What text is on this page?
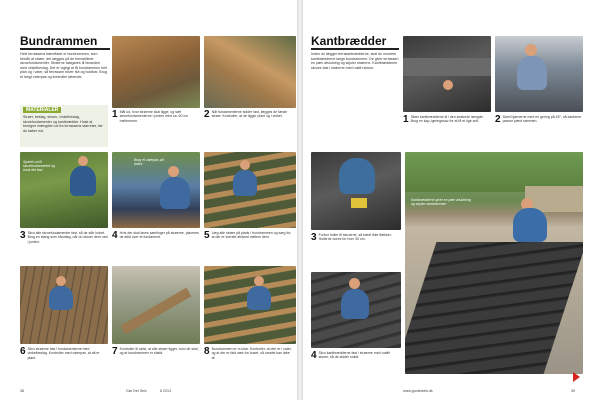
Bundrammen
Hele terrassens bæreflade er bundrammen, som består af strøer, der lægges på de fremstillede skruefundamenter. Strøerne fastgøres til hinanden med vinkelbeslag. Det er vigtigt at få bundrammen helt plan og i vater, så terrassen bliver flot og holdbar. Brug et langt vaterpas og kontroller løbende.
MATERIALER
Strøer, beslag, skruer, vinkelbeslag, skruefundamenter og kantbrædder. Husk at beregne mængden ud fra terrassens størrelse, før du køber ind.
1 Mål ud, hvor strøerne skal ligge, og sæt skruefundamenterne i jorden med ca. 60 cm mellemrum.
2 Når fundamenterne sidder fast, lægges de første strøer. Kontroller, at de ligger plant og i vinkel.
Spartel ud til skruefundamentet og bank det fast
Brug et vaterpas på tværs
3 Skru alle skruefundamenter fast, så de står lodret. Brug en stang som håndtag, når du skruer dem ned i jorden.
4 Hvis der skal laves samlinger på strøerne, placeres de altid over et fundament.	5 Læg alle strøer på plads i bundrammen og sørg for, at der er korrekt afstand mellem dem.
6 Skru strøerne fast i fundamenterne med vinkelbeslag. Kontroller med vaterpas, at alt er plant.
7 Kontroller til sidst, at alle strøer ligger, som de skal, og at bundrammen er stabil.	8 Bundrammen er nu klar. Kontroller, at den er i vater, og at der er fald væk fra huset, så vandet kan løbe af.
38	Gør Det Selv	8 2013
Kantbrædder
Inden du lægger terrassebrædderne, skal du montere kantbrædderne langs bundrammen. De giver terrassen en pæn afslutning og skjuler strøerne. Kantbrædderne skrues fast i strøerne med rustfri skruer.
1 Skær kantbrædderne til i den ønskede længde. Brug en kap-/geringssav for at få et lige snit.	2 Saml hjørnerne med en gering på 45°, så kanterne passer pænt sammen.
3 Forbor huller til skruerne, så træet ikke flækker. Hullerne bores for hver 30 cm.
4 Skru kantbrædderne fast i strøerne med rustfri skruer, så de sidder solidt.
Kantbrædderne giver en pæn afslutning og skjuler bundrammen
www.gordetselv.dk	39
